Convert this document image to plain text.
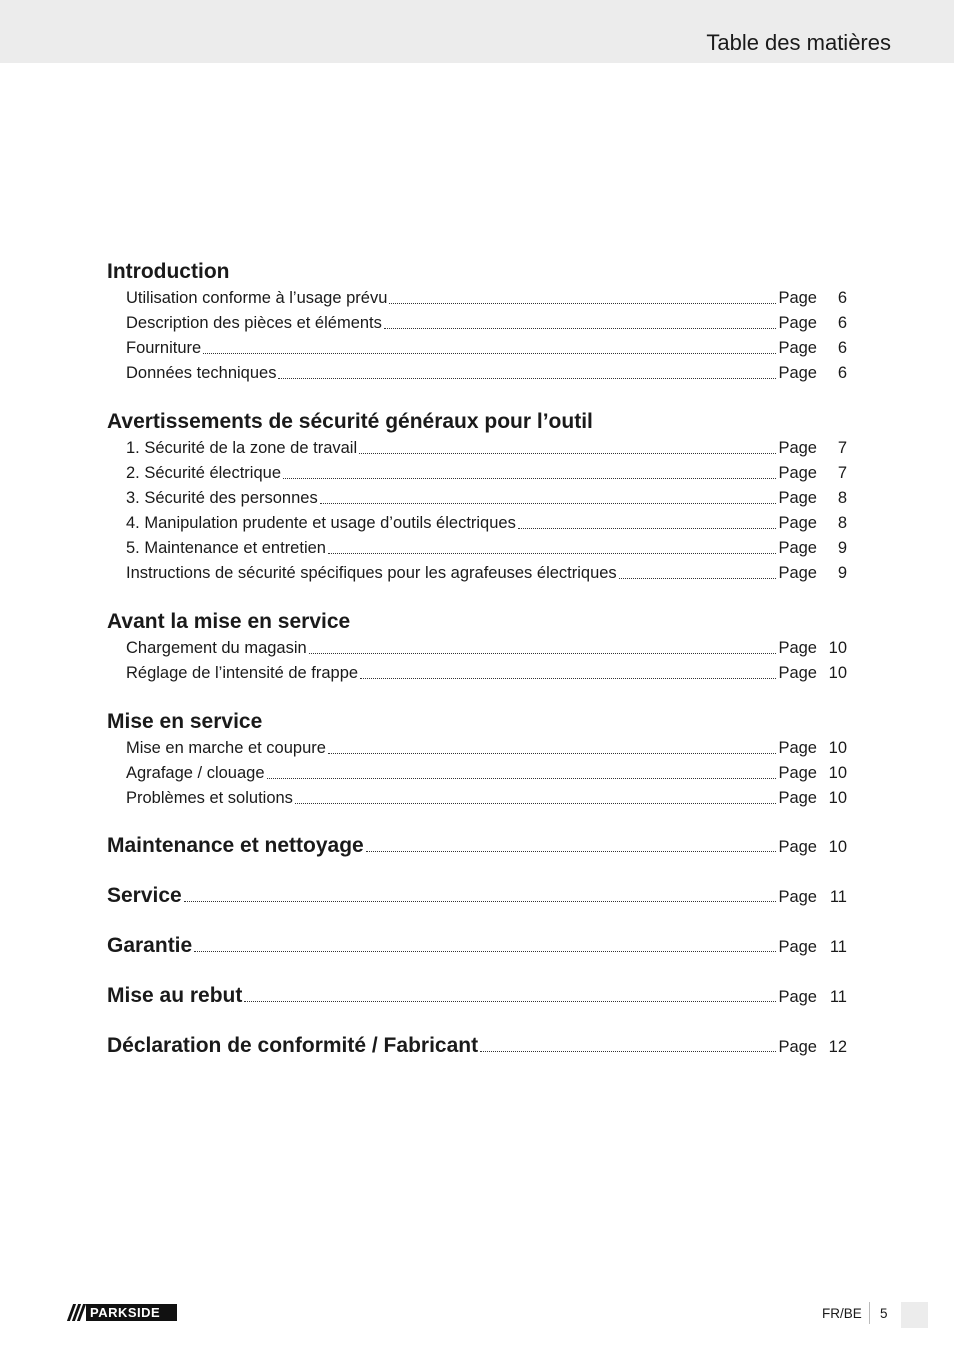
Table des matières
Introduction
Utilisation conforme à l’usage prévu	Page	6
Description des pièces et éléments	Page	6
Fourniture	Page	6
Données techniques	Page	6
Avertissements de sécurité généraux pour l’outil
1. Sécurité de la zone de travail	Page	7
2. Sécurité électrique	Page	7
3. Sécurité des personnes	Page	8
4. Manipulation prudente et usage d’outils électriques	Page	8
5. Maintenance et entretien	Page	9
Instructions de sécurité spécifiques pour les agrafeuses électriques	Page	9
Avant la mise en service
Chargement du magasin	Page 10
Réglage de l’intensité de frappe	Page 10
Mise en service
Mise en marche et coupure	Page 10
Agrafage / clouage	Page 10
Problèmes et solutions	Page 10
Maintenance et nettoyage	Page 10
Service	Page 11
Garantie	Page 11
Mise au rebut	Page 11
Déclaration de conformité / Fabricant	Page 12
PARKSIDE	FR/BE 5
